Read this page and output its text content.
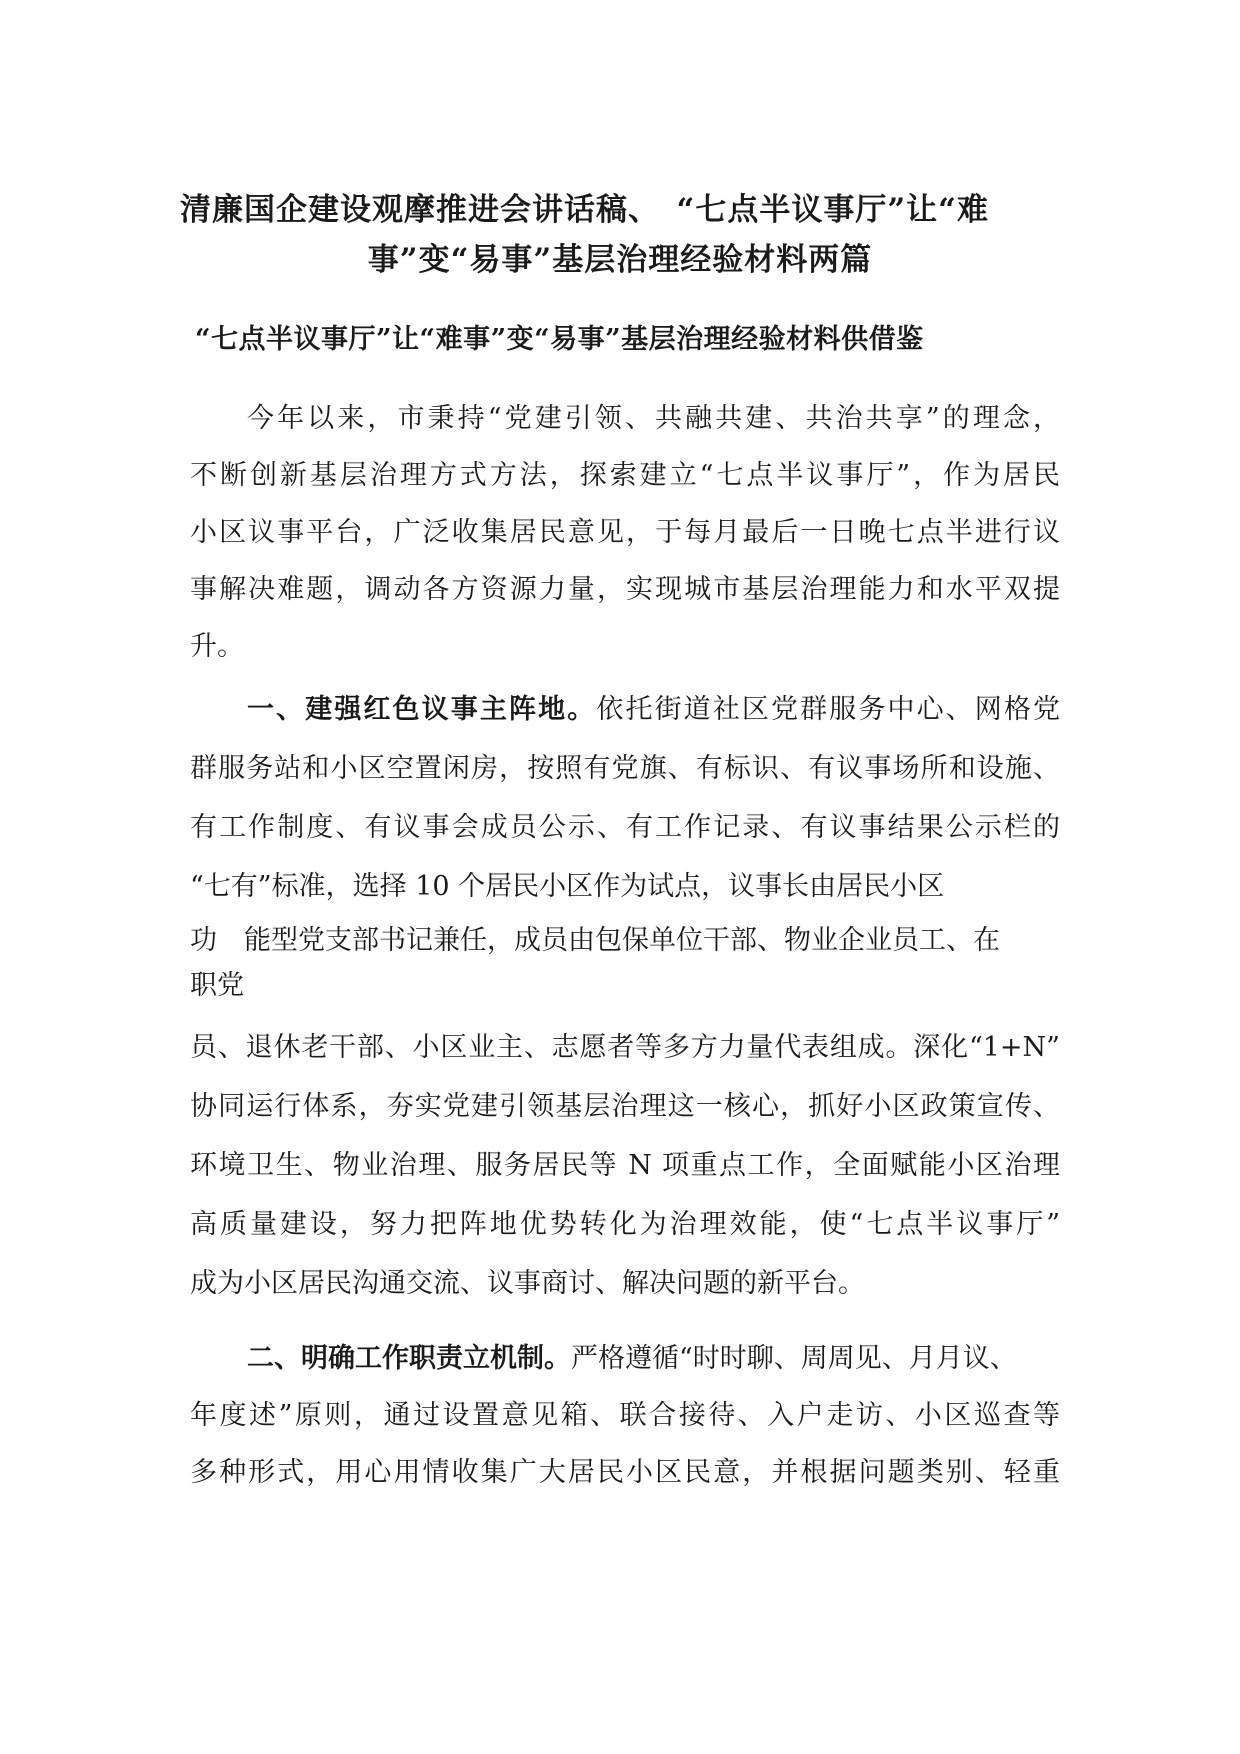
清廉国企建设观摩推进会讲话稿、　“七点半议事厅”让“难
事”变“易事”基层治理经验材料两篇
“七点半议事厅”让“难事”变“易事”基层治理经验材料供借鉴
今年以来，市秉持“党建引领、共融共建、共治共享”的理念，
不断创新基层治理方式方法，探索建立“七点半议事厅”，作为居民
小区议事平台，广泛收集居民意见，于每月最后一日晚七点半进行议
事解决难题，调动各方资源力量，实现城市基层治理能力和水平双提
升。
一、建强红色议事主阵地。依托街道社区党群服务中心、网格党
群服务站和小区空置闲房，按照有党旗、有标识、有议事场所和设施、
有工作制度、有议事会成员公示、有工作记录、有议事结果公示栏的
“七有”标准，选择 10 个居民小区作为试点，议事长由居民小区
功　能型党支部书记兼任，成员由包保单位干部、物业企业员工、在
职党
员、退休老干部、小区业主、志愿者等多方力量代表组成。深化“1+N”
协同运行体系，夯实党建引领基层治理这一核心，抓好小区政策宣传、
环境卫生、物业治理、服务居民等 N 项重点工作，全面赋能小区治理
高质量建设，努力把阵地优势转化为治理效能，使“七点半议事厅”
成为小区居民沟通交流、议事商讨、解决问题的新平台。
二、明确工作职责立机制。严格遵循“时时聊、周周见、月月议、
年度述”原则，通过设置意见箱、联合接待、入户走访、小区巡查等
多种形式，用心用情收集广大居民小区民意，并根据问题类别、轻重
